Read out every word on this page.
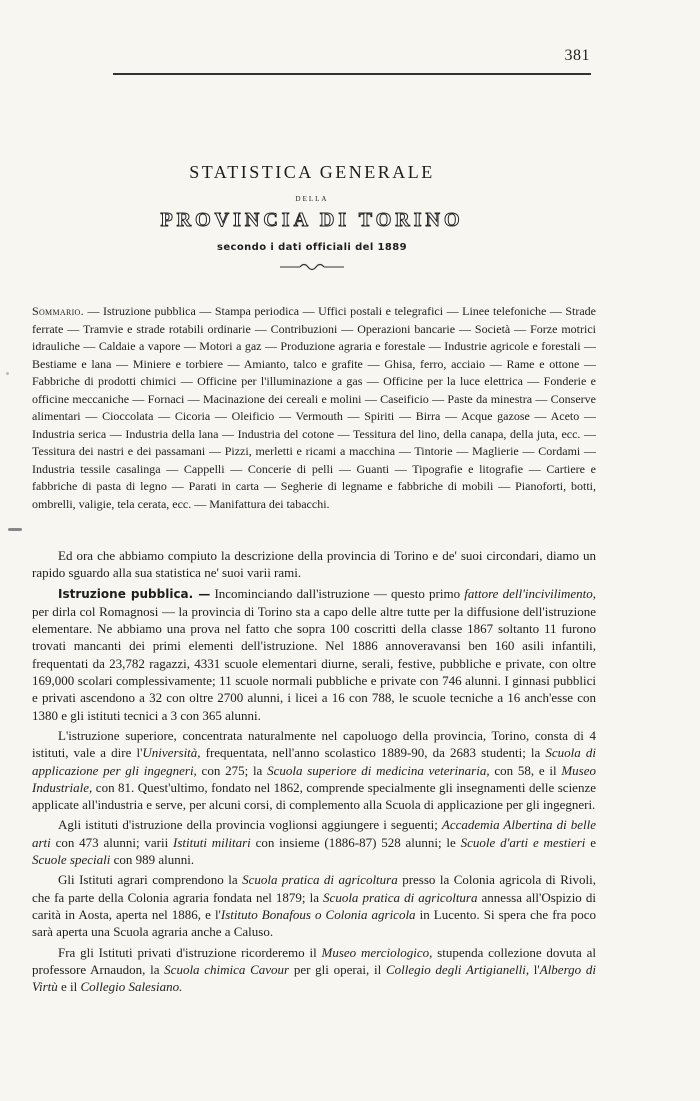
381
STATISTICA GENERALE
DELLA
PROVINCIA DI TORINO
secondo i dati officiali del 1889
Sommario. — Istruzione pubblica — Stampa periodica — Uffici postali e telegrafici — Linee telefoniche — Strade ferrate — Tramvie e strade rotabili ordinarie — Contribuzioni — Operazioni bancarie — Società — Forze motrici idrauliche — Caldaie a vapore — Motori a gaz — Produzione agraria e forestale — Industrie agricole e forestali — Bestiame e lana — Miniere e torbiere — Amianto, talco e grafite — Ghisa, ferro, acciaio — Rame e ottone — Fabbriche di prodotti chimici — Officine per l'illuminazione a gas — Officine per la luce elettrica — Fonderie e officine meccaniche — Fornaci — Macinazione dei cereali e molini — Caseificio — Paste da minestra — Conserve alimentari — Cioccolata — Cicoria — Oleificio — Vermouth — Spiriti — Birra — Acque gazose — Aceto — Industria serica — Industria della lana — Industria del cotone — Tessitura del lino, della canapa, della juta, ecc. — Tessitura dei nastri e dei passamani — Pizzi, merletti e ricami a macchina — Tintorie — Maglierie — Cordami — Industria tessile casalinga — Cappelli — Concerie di pelli — Guanti — Tipografie e litografie — Cartiere e fabbriche di pasta di legno — Parati in carta — Segherie di legname e fabbriche di mobili — Pianoforti, botti, ombrelli, valigie, tela cerata, ecc. — Manifattura dei tabacchi.

Ed ora che abbiamo compiuto la descrizione della provincia di Torino e de' suoi circondari, diamo un rapido sguardo alla sua statistica ne' suoi varii rami.

Istruzione pubblica. — Incominciando dall'istruzione — questo primo fattore dell'incivilimento, per dirla col Romagnosi — la provincia di Torino sta a capo delle altre tutte per la diffusione dell'istruzione elementare. Ne abbiamo una prova nel fatto che sopra 100 coscritti della classe 1867 soltanto 11 furono trovati mancanti dei primi elementi dell'istruzione. Nel 1886 annoveravansi ben 160 asili infantili, frequentati da 23,782 ragazzi, 4331 scuole elementari diurne, serali, festive, pubbliche e private, con oltre 169,000 scolari complessivamente; 11 scuole normali pubbliche e private con 746 alunni. I ginnasi pubblici e privati ascendono a 32 con oltre 2700 alunni, i licei a 16 con 788, le scuole tecniche a 16 anch'esse con 1380 e gli istituti tecnici a 3 con 365 alunni.

L'istruzione superiore, concentrata naturalmente nel capoluogo della provincia, Torino, consta di 4 istituti, vale a dire l'Università, frequentata, nell'anno scolastico 1889-90, da 2683 studenti; la Scuola di applicazione per gli ingegneri, con 275; la Scuola superiore di medicina veterinaria, con 58, e il Museo Industriale, con 81. Quest'ultimo, fondato nel 1862, comprende specialmente gli insegnamenti delle scienze applicate all'industria e serve, per alcuni corsi, di complemento alla Scuola di applicazione per gli ingegneri.

Agli istituti d'istruzione della provincia voglionsi aggiungere i seguenti; Accademia Albertina di belle arti con 473 alunni; varii Istituti militari con insieme (1886-87) 528 alunni; le Scuole d'arti e mestieri e Scuole speciali con 989 alunni.

Gli Istituti agrari comprendono la Scuola pratica di agricoltura presso la Colonia agricola di Rivoli, che fa parte della Colonia agraria fondata nel 1879; la Scuola pratica di agricoltura annessa all'Ospizio di carità in Aosta, aperta nel 1886, e l'Istituto Bonafous o Colonia agricola in Lucento. Si spera che fra poco sarà aperta una Scuola agraria anche a Caluso.

Fra gli Istituti privati d'istruzione ricorderemo il Museo merciologico, stupenda collezione dovuta al professore Arnaudon, la Scuola chimica Cavour per gli operai, il Collegio degli Artigianelli, l'Albergo di Virtù e il Collegio Salesiano.
